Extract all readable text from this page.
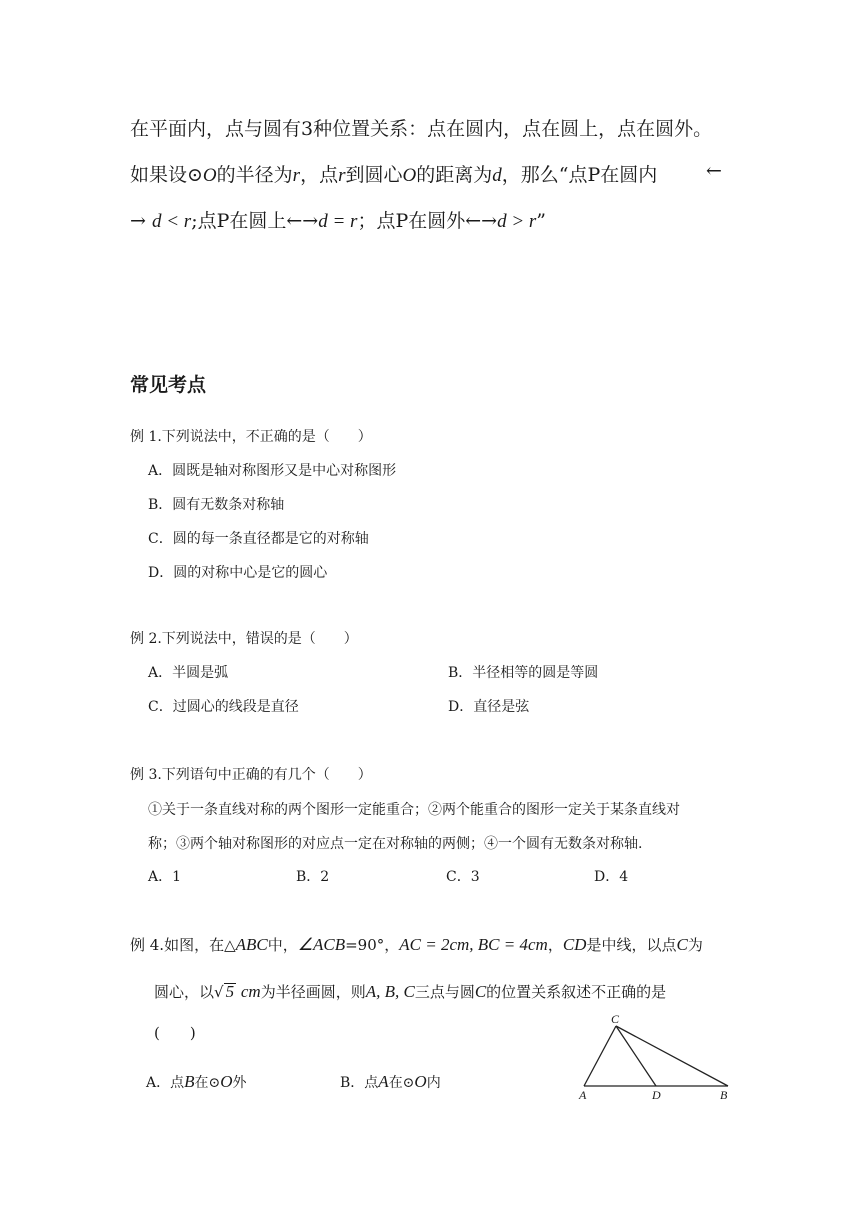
在平面内，点与圆有3种位置关系：点在圆内，点在圆上，点在圆外。
如果设⊙O的半径为r，点r到圆心O的距离为d，那么“点P在圆内	←
→ d < r;点P在圆上←→d = r；点P在圆外←→d > r”
常见考点
例 1.下列说法中，不正确的是（　　）
A．圆既是轴对称图形又是中心对称图形
B．圆有无数条对称轴
C．圆的每一条直径都是它的对称轴
D．圆的对称中心是它的圆心
例 2.下列说法中，错误的是（　　）
A．半圆是弧	B．半径相等的圆是等圆
C．过圆心的线段是直径	D．直径是弦
例 3.下列语句中正确的有几个（　　）
①关于一条直线对称的两个图形一定能重合；②两个能重合的图形一定关于某条直线对
称；③两个轴对称图形的对应点一定在对称轴的两侧；④一个圆有无数条对称轴.
A．1	B．2	C．3	D．4
例 4.如图，在△ABC中，∠ACB=90°，AC = 2cm, BC = 4cm，CD是中线，以点C为
圆心，以√ 5 cm为半径画圆，则A, B, C三点与圆C的位置关系叙述不正确的是
(　　)
A．点B在⊙O外	B．点A在⊙O内
C
A	D	B
